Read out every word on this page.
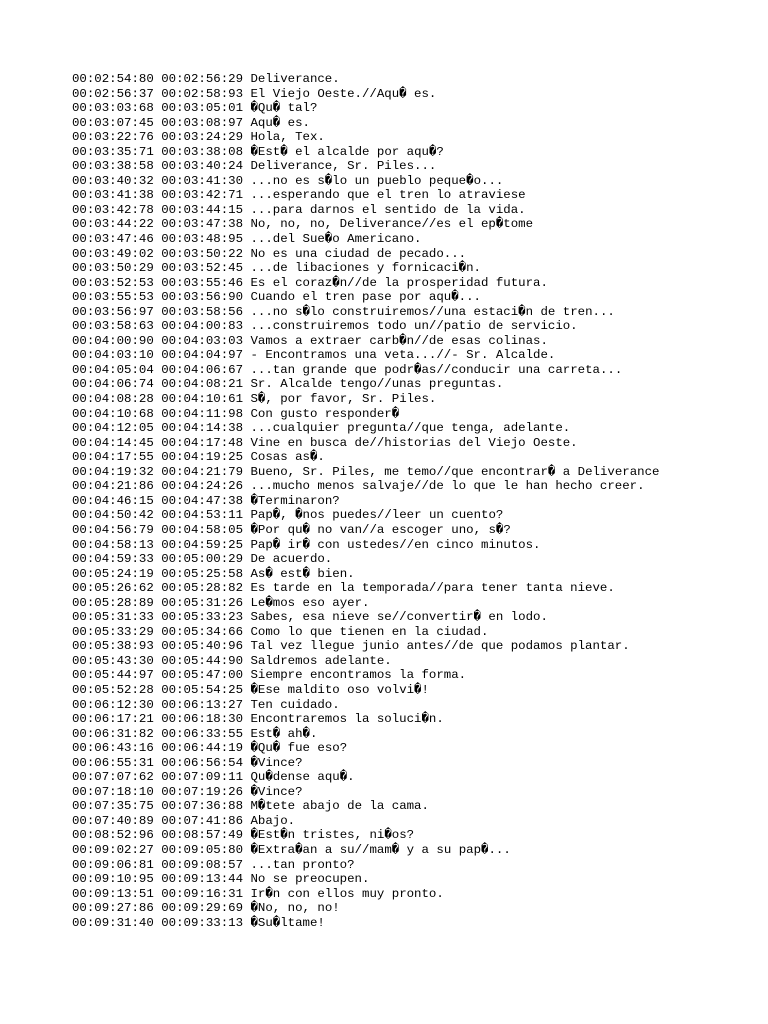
00:02:54:80 00:02:56:29 Deliverance.
00:02:56:37 00:02:58:93 El Viejo Oeste.//Aqu� es.
00:03:03:68 00:03:05:01 �Qu� tal?
00:03:07:45 00:03:08:97 Aqu� es.
00:03:22:76 00:03:24:29 Hola, Tex.
00:03:35:71 00:03:38:08 �Est� el alcalde por aqu�?
00:03:38:58 00:03:40:24 Deliverance, Sr. Piles...
00:03:40:32 00:03:41:30 ...no es s�lo un pueblo peque�o...
00:03:41:38 00:03:42:71 ...esperando que el tren lo atraviese
00:03:42:78 00:03:44:15 ...para darnos el sentido de la vida.
00:03:44:22 00:03:47:38 No, no, no, Deliverance//es el ep�tome
00:03:47:46 00:03:48:95 ...del Sue�o Americano.
00:03:49:02 00:03:50:22 No es una ciudad de pecado...
00:03:50:29 00:03:52:45 ...de libaciones y fornicaci�n.
00:03:52:53 00:03:55:46 Es el coraz�n//de la prosperidad futura.
00:03:55:53 00:03:56:90 Cuando el tren pase por aqu�...
00:03:56:97 00:03:58:56 ...no s�lo construiremos//una estaci�n de tren...
00:03:58:63 00:04:00:83 ...construiremos todo un//patio de servicio.
00:04:00:90 00:04:03:03 Vamos a extraer carb�n//de esas colinas.
00:04:03:10 00:04:04:97 - Encontramos una veta...//- Sr. Alcalde.
00:04:05:04 00:04:06:67 ...tan grande que podr�as//conducir una carreta...
00:04:06:74 00:04:08:21 Sr. Alcalde tengo//unas preguntas.
00:04:08:28 00:04:10:61 S�, por favor, Sr. Piles.
00:04:10:68 00:04:11:98 Con gusto responder�
00:04:12:05 00:04:14:38 ...cualquier pregunta//que tenga, adelante.
00:04:14:45 00:04:17:48 Vine en busca de//historias del Viejo Oeste.
00:04:17:55 00:04:19:25 Cosas as�.
00:04:19:32 00:04:21:79 Bueno, Sr. Piles, me temo//que encontrar� a Deliverance
00:04:21:86 00:04:24:26 ...mucho menos salvaje//de lo que le han hecho creer.
00:04:46:15 00:04:47:38 �Terminaron?
00:04:50:42 00:04:53:11 Pap�, �nos puedes//leer un cuento?
00:04:56:79 00:04:58:05 �Por qu� no van//a escoger uno, s�?
00:04:58:13 00:04:59:25 Pap� ir� con ustedes//en cinco minutos.
00:04:59:33 00:05:00:29 De acuerdo.
00:05:24:19 00:05:25:58 As� est� bien.
00:05:26:62 00:05:28:82 Es tarde en la temporada//para tener tanta nieve.
00:05:28:89 00:05:31:26 Le�mos eso ayer.
00:05:31:33 00:05:33:23 Sabes, esa nieve se//convertir� en lodo.
00:05:33:29 00:05:34:66 Como lo que tienen en la ciudad.
00:05:38:93 00:05:40:96 Tal vez llegue junio antes//de que podamos plantar.
00:05:43:30 00:05:44:90 Saldremos adelante.
00:05:44:97 00:05:47:00 Siempre encontramos la forma.
00:05:52:28 00:05:54:25 �Ese maldito oso volvi�!
00:06:12:30 00:06:13:27 Ten cuidado.
00:06:17:21 00:06:18:30 Encontraremos la soluci�n.
00:06:31:82 00:06:33:55 Est� ah�.
00:06:43:16 00:06:44:19 �Qu� fue eso?
00:06:55:31 00:06:56:54 �Vince?
00:07:07:62 00:07:09:11 Qu�dense aqu�.
00:07:18:10 00:07:19:26 �Vince?
00:07:35:75 00:07:36:88 M�tete abajo de la cama.
00:07:40:89 00:07:41:86 Abajo.
00:08:52:96 00:08:57:49 �Est�n tristes, ni�os?
00:09:02:27 00:09:05:80 �Extra�an a su//mam� y a su pap�...
00:09:06:81 00:09:08:57 ...tan pronto?
00:09:10:95 00:09:13:44 No se preocupen.
00:09:13:51 00:09:16:31 Ir�n con ellos muy pronto.
00:09:27:86 00:09:29:69 �No, no, no!
00:09:31:40 00:09:33:13 �Su�ltame!
